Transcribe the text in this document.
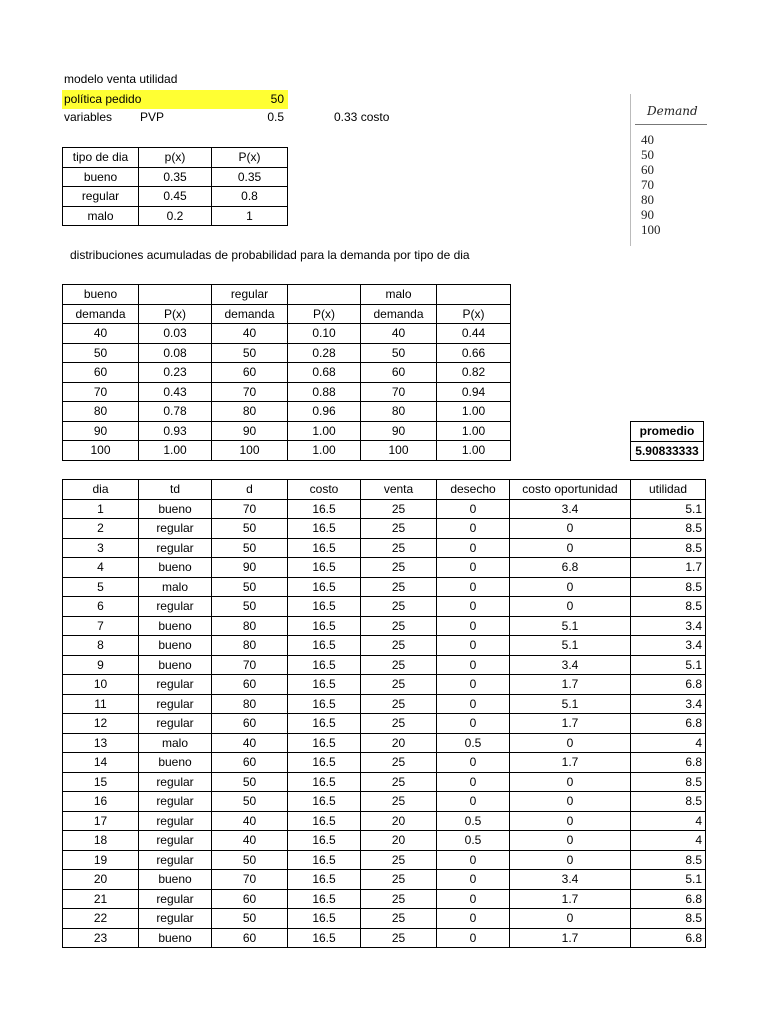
modelo venta utilidad
política pedido	50
variables PVP	0.5	0.33 costo
tipo de dia	p(x)	P(x)
bueno	0.35	0.35
regular	0.45	0.8
malo	0.2	1
Demand
40
50
60
70
80
90
100
distribuciones acumuladas de probabilidad para la demanda por tipo de dia
bueno		regular		malo	
demanda	P(x)	demanda	P(x)	demanda	P(x)
40	0.03	40	0.10	40	0.44
50	0.08	50	0.28	50	0.66
60	0.23	60	0.68	60	0.82
70	0.43	70	0.88	70	0.94
80	0.78	80	0.96	80	1.00
90	0.93	90	1.00	90	1.00
100	1.00	100	1.00	100	1.00
promedio
5.90833333
dia	td	d	costo	venta	desecho	costo oportunidad	utilidad
1	bueno	70	16.5	25	0	3.4	5.1
2	regular	50	16.5	25	0	0	8.5
3	regular	50	16.5	25	0	0	8.5
4	bueno	90	16.5	25	0	6.8	1.7
5	malo	50	16.5	25	0	0	8.5
6	regular	50	16.5	25	0	0	8.5
7	bueno	80	16.5	25	0	5.1	3.4
8	bueno	80	16.5	25	0	5.1	3.4
9	bueno	70	16.5	25	0	3.4	5.1
10	regular	60	16.5	25	0	1.7	6.8
11	regular	80	16.5	25	0	5.1	3.4
12	regular	60	16.5	25	0	1.7	6.8
13	malo	40	16.5	20	0.5	0	4
14	bueno	60	16.5	25	0	1.7	6.8
15	regular	50	16.5	25	0	0	8.5
16	regular	50	16.5	25	0	0	8.5
17	regular	40	16.5	20	0.5	0	4
18	regular	40	16.5	20	0.5	0	4
19	regular	50	16.5	25	0	0	8.5
20	bueno	70	16.5	25	0	3.4	5.1
21	regular	60	16.5	25	0	1.7	6.8
22	regular	50	16.5	25	0	0	8.5
23	bueno	60	16.5	25	0	1.7	6.8
